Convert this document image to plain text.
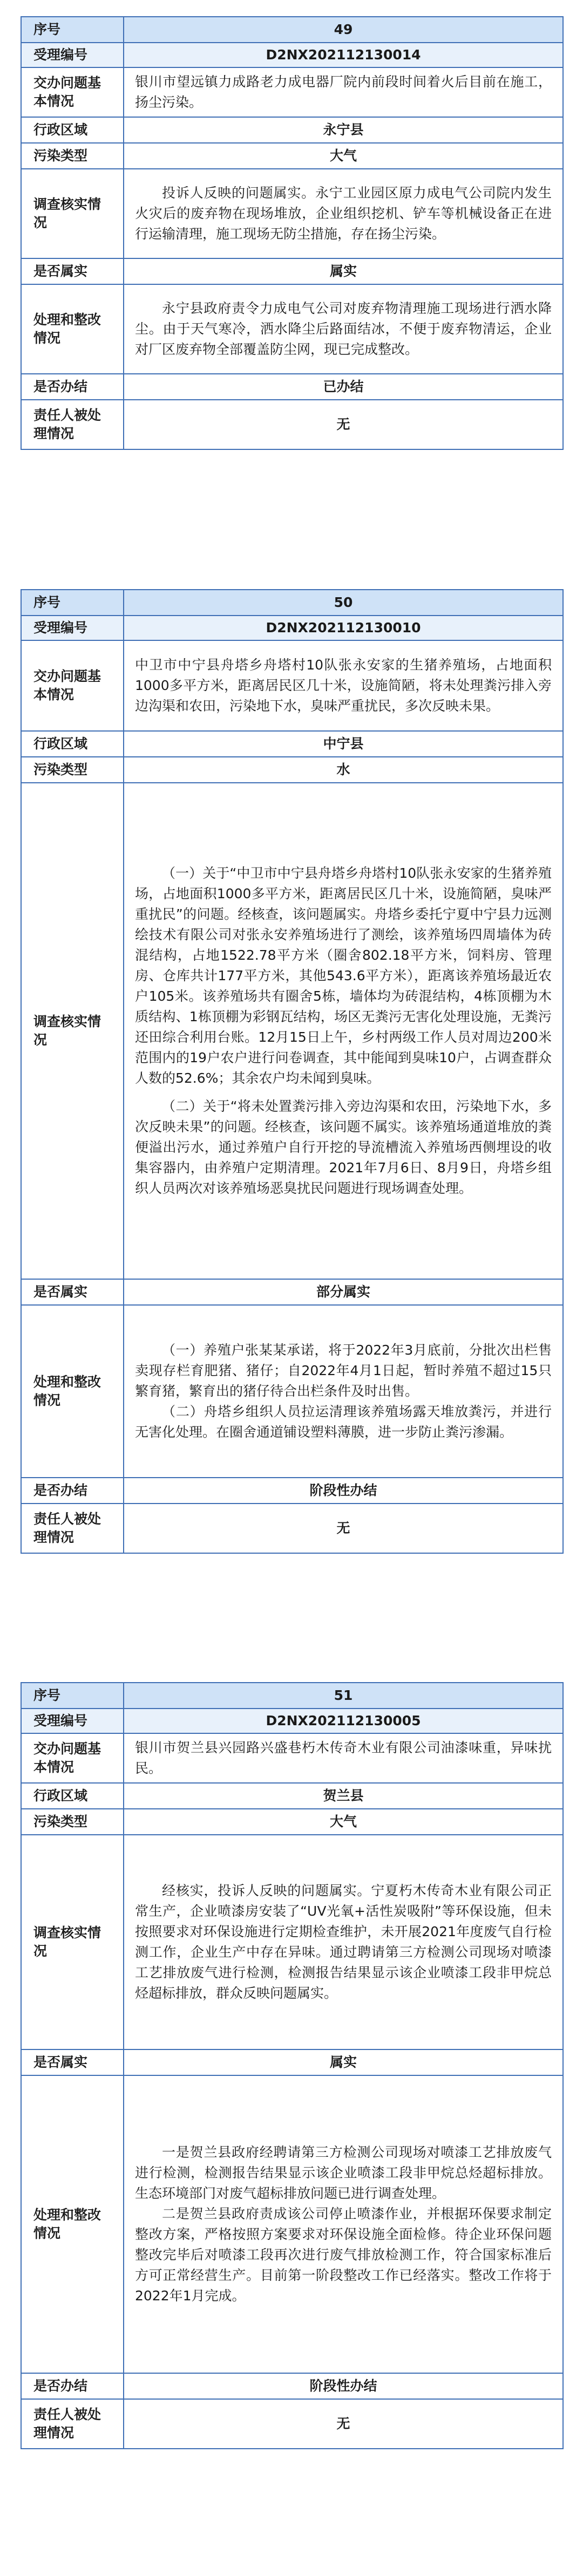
序号	49
受理编号	D2NX202112130014
交办问题基本情况	银川市望远镇力成路老力成电器厂院内前段时间着火后目前在施工，扬尘污染。
行政区域	永宁县
污染类型	大气
调查核实情况	投诉人反映的问题属实。永宁工业园区原力成电气公司院内发生火灾后的废弃物在现场堆放，企业组织挖机、铲车等机械设备正在进行运输清理，施工现场无防尘措施，存在扬尘污染。

是否属实	属实
处理和整改情况	永宁县政府责令力成电气公司对废弃物清理施工现场进行洒水降尘。由于天气寒冷，洒水降尘后路面结冰，不便于废弃物清运，企业对厂区废弃物全部覆盖防尘网，现已完成整改。

是否办结	已办结
责任人被处理情况	无
序号	50
受理编号	D2NX202112130010
交办问题基本情况	中卫市中宁县舟塔乡舟塔村10队张永安家的生猪养殖场，占地面积1000多平方米，距离居民区几十米，设施简陋，将未处理粪污排入旁边沟渠和农田，污染地下水，臭味严重扰民，多次反映未果。
行政区域	中宁县
污染类型	水
调查核实情况	（一）关于“中卫市中宁县舟塔乡舟塔村10队张永安家的生猪养殖场，占地面积1000多平方米，距离居民区几十米，设施简陋，臭味严重扰民”的问题。经核查，该问题属实。舟塔乡委托宁夏中宁县力远测绘技术有限公司对张永安养殖场进行了测绘，该养殖场四周墙体为砖混结构，占地1522.78平方米（圈舍802.18平方米，饲料房、管理房、仓库共计177平方米，其他543.6平方米），距离该养殖场最近农户105米。该养殖场共有圈舍5栋，墙体均为砖混结构，4栋顶棚为木质结构、1栋顶棚为彩钢瓦结构，场区无粪污无害化处理设施，无粪污还田综合利用台账。12月15日上午，乡村两级工作人员对周边200米范围内的19户农户进行问卷调查，其中能闻到臭味10户，占调查群众人数的52.6%；其余农户均未闻到臭味。

（二）关于“将未处置粪污排入旁边沟渠和农田，污染地下水，多次反映未果”的问题。经核查，该问题不属实。该养殖场通道堆放的粪便溢出污水，通过养殖户自行开挖的导流槽流入养殖场西侧埋设的收集容器内，由养殖户定期清理。2021年7月6日、8月9日，舟塔乡组织人员两次对该养殖场恶臭扰民问题进行现场调查处理。

是否属实	部分属实
处理和整改情况	（一）养殖户张某某承诺，将于2022年3月底前，分批次出栏售卖现存栏育肥猪、猪仔；自2022年4月1日起，暂时养殖不超过15只繁育猪，繁育出的猪仔待合出栏条件及时出售。

（二）舟塔乡组织人员拉运清理该养殖场露天堆放粪污，并进行无害化处理。在圈舍通道铺设塑料薄膜，进一步防止粪污渗漏。

是否办结	阶段性办结
责任人被处理情况	无
序号	51
受理编号	D2NX202112130005
交办问题基本情况	银川市贺兰县兴园路兴盛巷朽木传奇木业有限公司油漆味重，异味扰民。
行政区域	贺兰县
污染类型	大气
调查核实情况	经核实，投诉人反映的问题属实。宁夏朽木传奇木业有限公司正常生产，企业喷漆房安装了“UV光氧+活性炭吸附”等环保设施，但未按照要求对环保设施进行定期检查维护，未开展2021年度废气自行检测工作，企业生产中存在异味。通过聘请第三方检测公司现场对喷漆工艺排放废气进行检测，检测报告结果显示该企业喷漆工段非甲烷总烃超标排放，群众反映问题属实。

是否属实	属实
处理和整改情况	一是贺兰县政府经聘请第三方检测公司现场对喷漆工艺排放废气进行检测，检测报告结果显示该企业喷漆工段非甲烷总烃超标排放。生态环境部门对废气超标排放问题已进行调查处理。

二是贺兰县政府责成该公司停止喷漆作业，并根据环保要求制定整改方案，严格按照方案要求对环保设施全面检修。待企业环保问题整改完毕后对喷漆工段再次进行废气排放检测工作，符合国家标准后方可正常经营生产。目前第一阶段整改工作已经落实。整改工作将于2022年1月完成。

是否办结	阶段性办结
责任人被处理情况	无
